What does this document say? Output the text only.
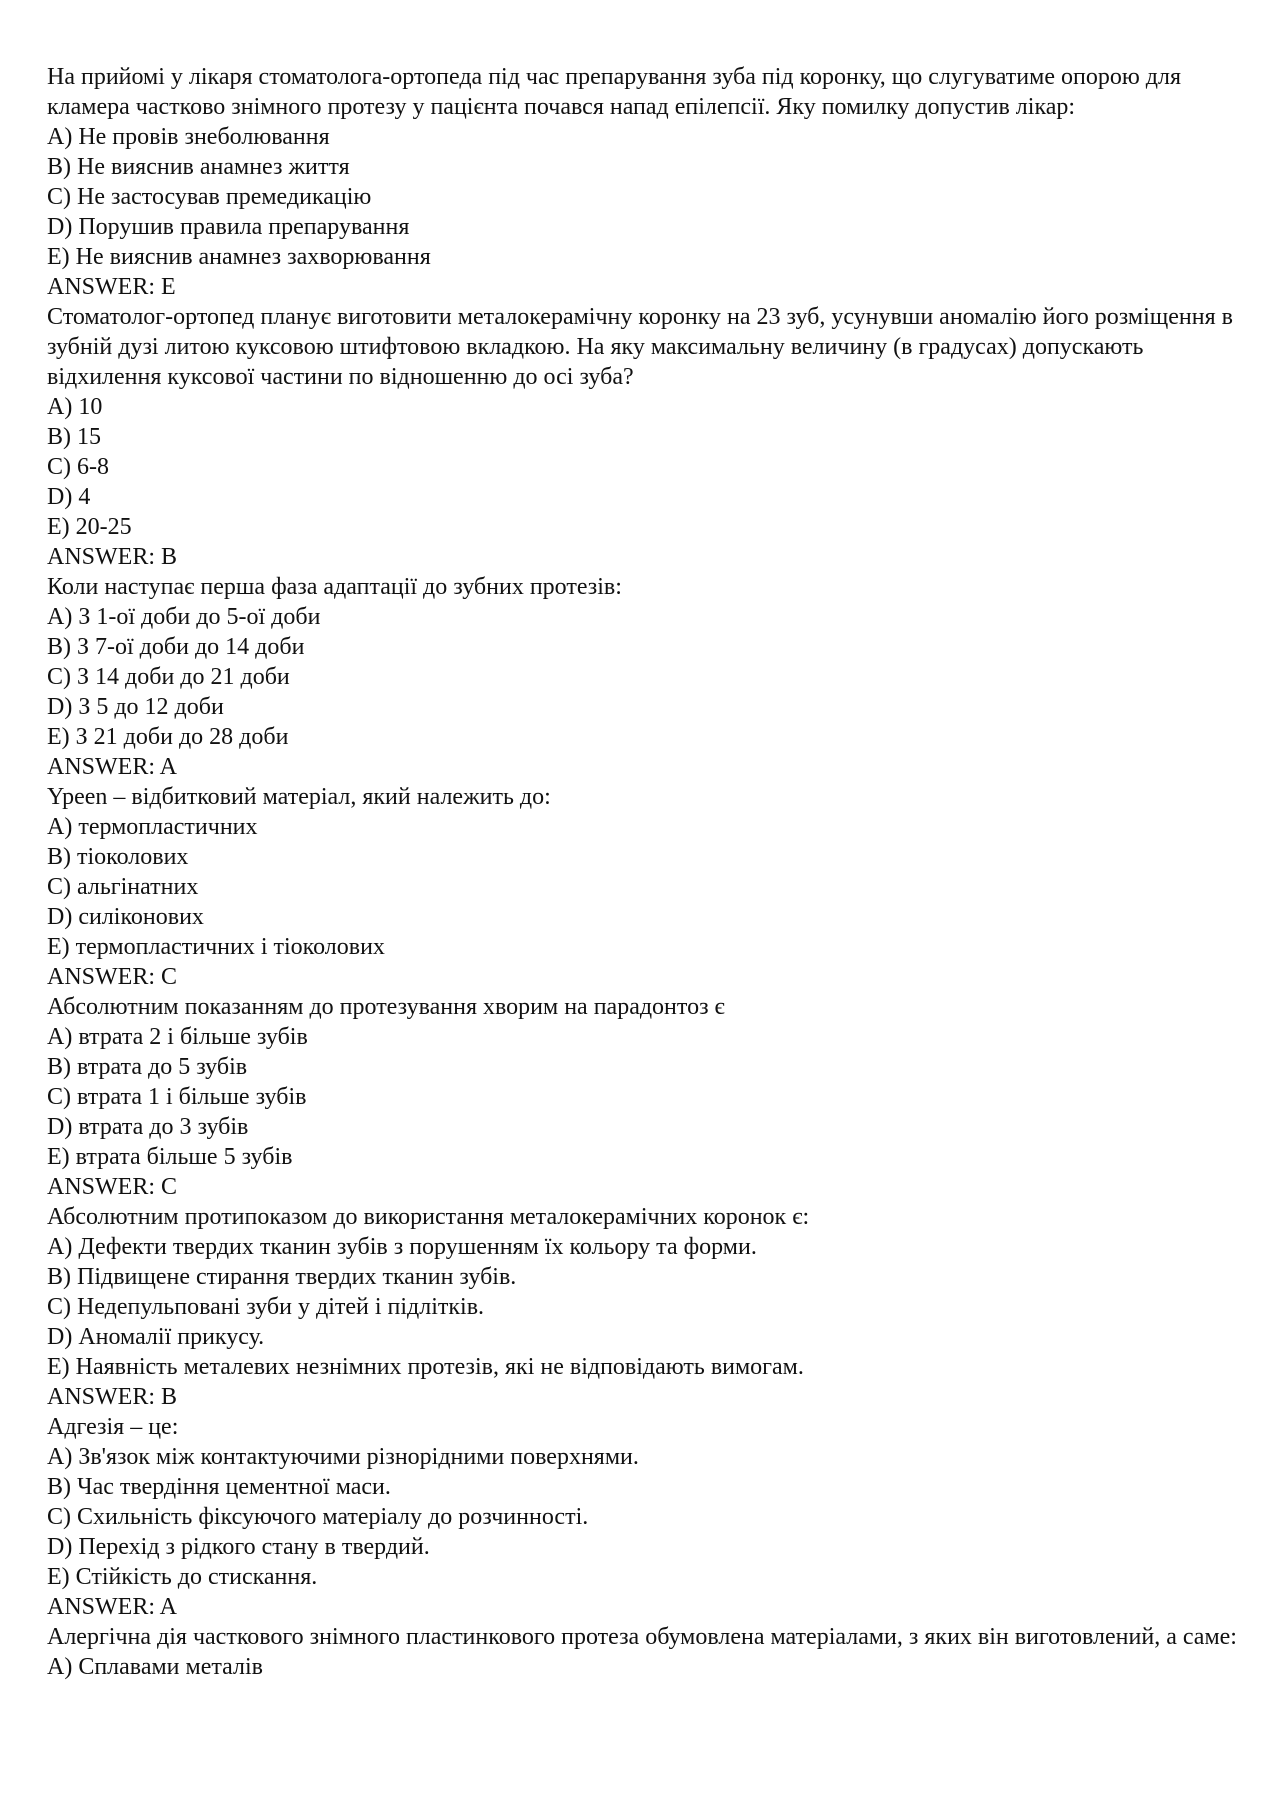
На прийомі у лікаря стоматолога-ортопеда під час препарування зуба під коронку, що слугуватиме опорою для кламера частково знімного протезу у пацієнта почався напад епілепсії. Яку помилку допустив лікар:

A) Не провів знеболювання

B) Не вияснив анамнез життя

C) Не застосував премедикацію

D) Порушив правила препарування

E) Не вияснив анамнез захворювання

ANSWER: E

Стоматолог-ортопед планує виготовити металокерамічну коронку на 23 зуб, усунувши аномалію його розміщення в зубній дузі литою куксовою штифтовою вкладкою. На яку максимальну величину (в градусах) допускають відхилення куксової частини по відношенню до осі зуба?

A) 10

B) 15

C) 6-8

D) 4

E) 20-25

ANSWER: B

Коли наступає перша фаза адаптації до зубних протезів:

A) З 1-ої доби до 5-ої доби

B) З 7-ої доби до 14 доби

C) З 14 доби до 21 доби

D) З 5 до 12 доби

E) З 21 доби до 28 доби

ANSWER: A

Ypeen – відбитковий матеріал, який належить до:

A) термопластичних

B) тіоколових

C) альгінатних

D) силіконових

E) термопластичних і тіоколових

ANSWER: C

Абсолютним показанням до протезування хворим на парадонтоз є

A) втрата 2 і більше зубів

B) втрата до 5 зубів

C) втрата 1 і більше зубів

D) втрата до 3 зубів

E) втрата більше 5 зубів

ANSWER: C

Абсолютним протипоказом до використання металокерамічних коронок є:

A) Дефекти твердих тканин зубів з порушенням їх кольору та форми.

B) Підвищене стирання твердих тканин зубів.

C) Недепульповані зуби у дітей і підлітків.

D) Аномалії прикусу.

E) Наявність металевих незнімних протезів, які не відповідають вимогам.

ANSWER: B

Адгезія – це:

A) Зв'язок між контактуючими різнорідними поверхнями.

B) Час твердіння цементної маси.

C) Схильність фіксуючого матеріалу до розчинності.

D) Перехід з рідкого стану в твердий.

E) Стійкість до стискання.

ANSWER: A

Алергічна дія часткового знімного пластинкового протеза обумовлена матеріалами, з яких він виготовлений, а саме:

A) Сплавами металів
